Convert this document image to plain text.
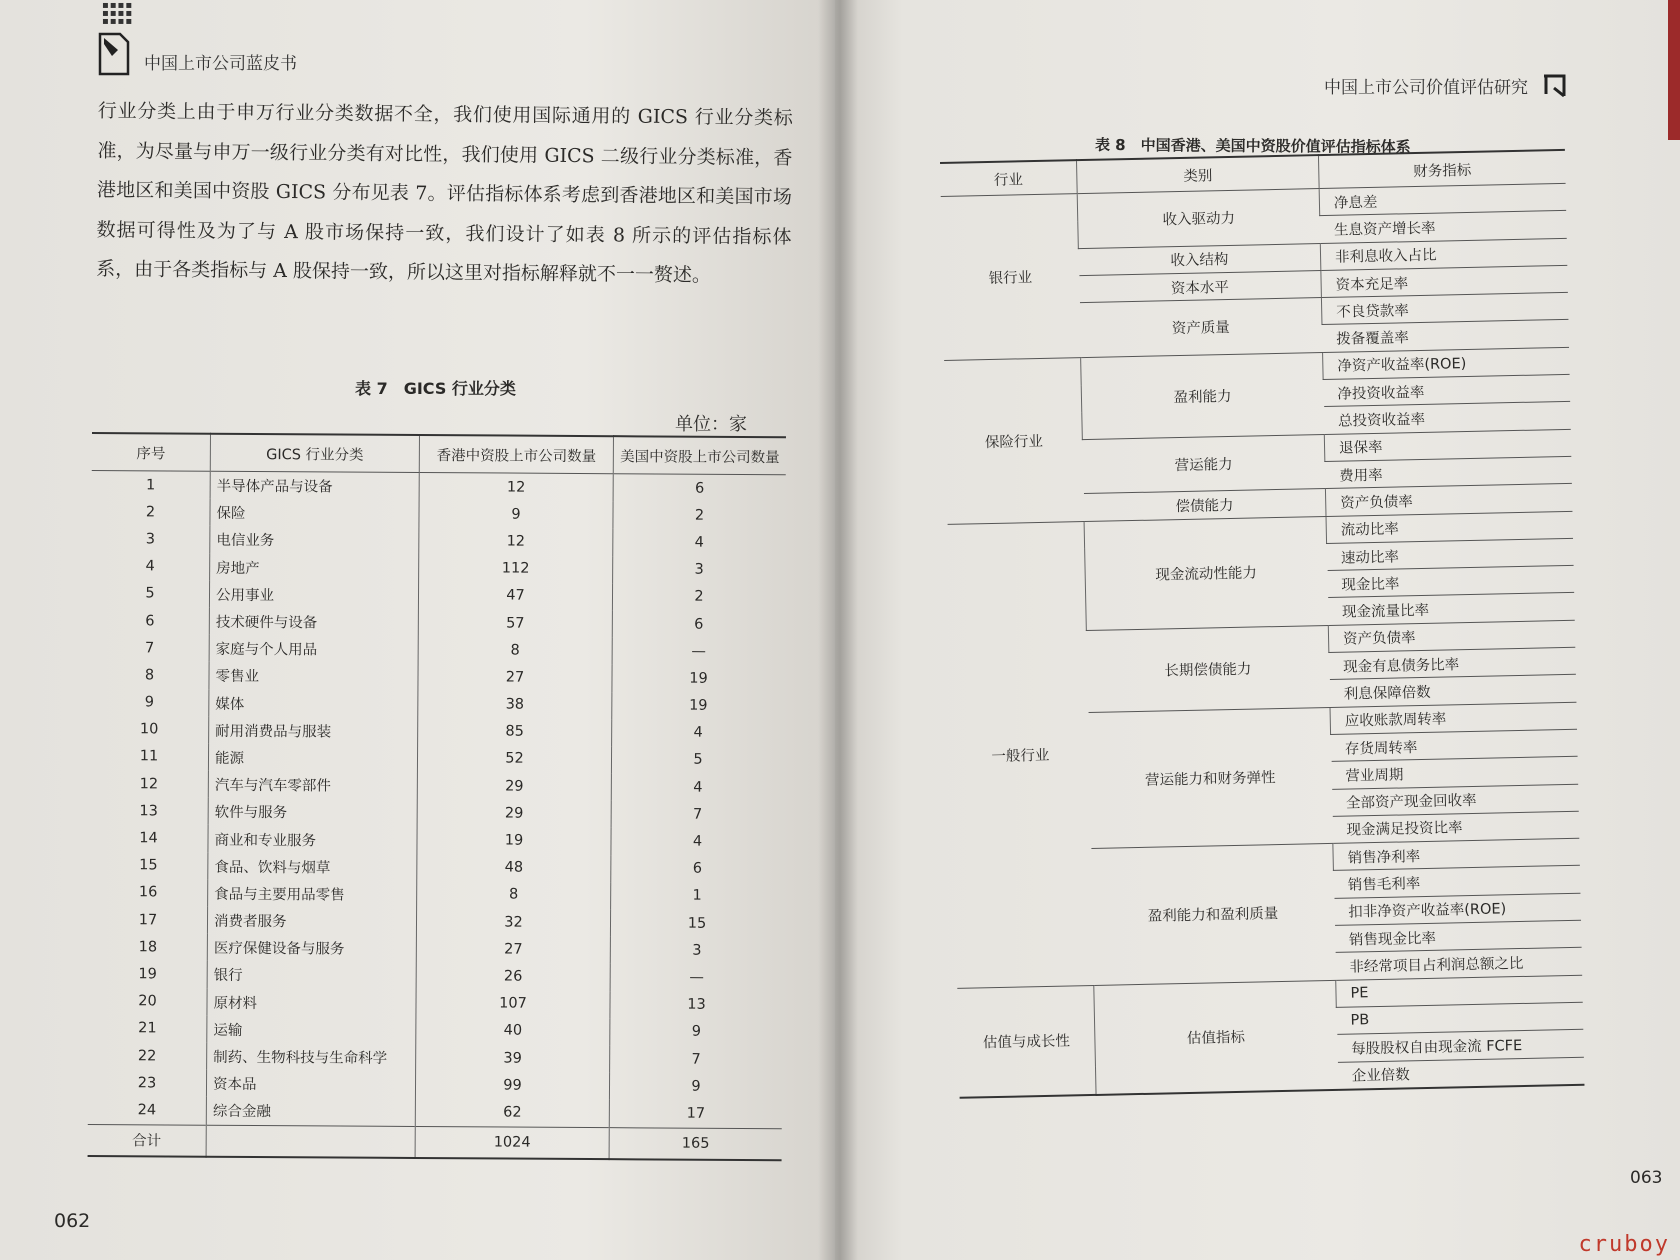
▪▪▪▪
▪▪▪▪
▪▪▪▪
中国上市公司蓝皮书
行业分类上由于申万行业分类数据不全，我们使用国际通用的 GICS 行业分类标准，为尽量与申万一级行业分类有对比性，我们使用 GICS 二级行业分类标准，香港地区和美国中资股 GICS 分布见表 7。评估指标体系考虑到香港地区和美国市场数据可得性及为了与 A 股市场保持一致，我们设计了如表 8 所示的评估指标体系，由于各类指标与 A 股保持一致，所以这里对指标解释就不一一赘述。
表 7　GICS 行业分类
单位：家
序号	GICS 行业分类	香港中资股上市公司数量	美国中资股上市公司数量
1	半导体产品与设备	12	6
2	保险	9	2
3	电信业务	12	4
4	房地产	112	3
5	公用事业	47	2
6	技术硬件与设备	57	6
7	家庭与个人用品	8	—
8	零售业	27	19
9	媒体	38	19
10	耐用消费品与服装	85	4
11	能源	52	5
12	汽车与汽车零部件	29	4
13	软件与服务	29	7
14	商业和专业服务	19	4
15	食品、饮料与烟草	48	6
16	食品与主要用品零售	8	1
17	消费者服务	32	15
18	医疗保健设备与服务	27	3
19	银行	26	—
20	原材料	107	13
21	运输	40	9
22	制药、生物科技与生命科学	39	7
23	资本品	99	9
24	综合金融	62	17
合计		1024	165
062
中国上市公司价值评估研究
表 8　中国香港、美国中资股价值评估指标体系
行业	类别	财务指标
银行业	收入驱动力	净息差
		生息资产增长率
	收入结构	非利息收入占比
	资本水平	资本充足率
	资产质量	不良贷款率
		拨备覆盖率
保险行业	盈利能力	净资产收益率(ROE)
		净投资收益率
		总投资收益率
	营运能力	退保率
		费用率
	偿债能力	资产负债率
一般行业	现金流动性能力	流动比率
		速动比率
		现金比率
		现金流量比率
	长期偿债能力	资产负债率
		现金有息债务比率
		利息保障倍数
	营运能力和财务弹性	应收账款周转率
		存货周转率
		营业周期
		全部资产现金回收率
		现金满足投资比率
	盈利能力和盈利质量	销售净利率
		销售毛利率
		扣非净资产收益率(ROE)
		销售现金比率
		非经常项目占利润总额之比
估值与成长性	估值指标	PE
		PB
		每股股权自由现金流 FCFE
		企业倍数
063
cruboy
